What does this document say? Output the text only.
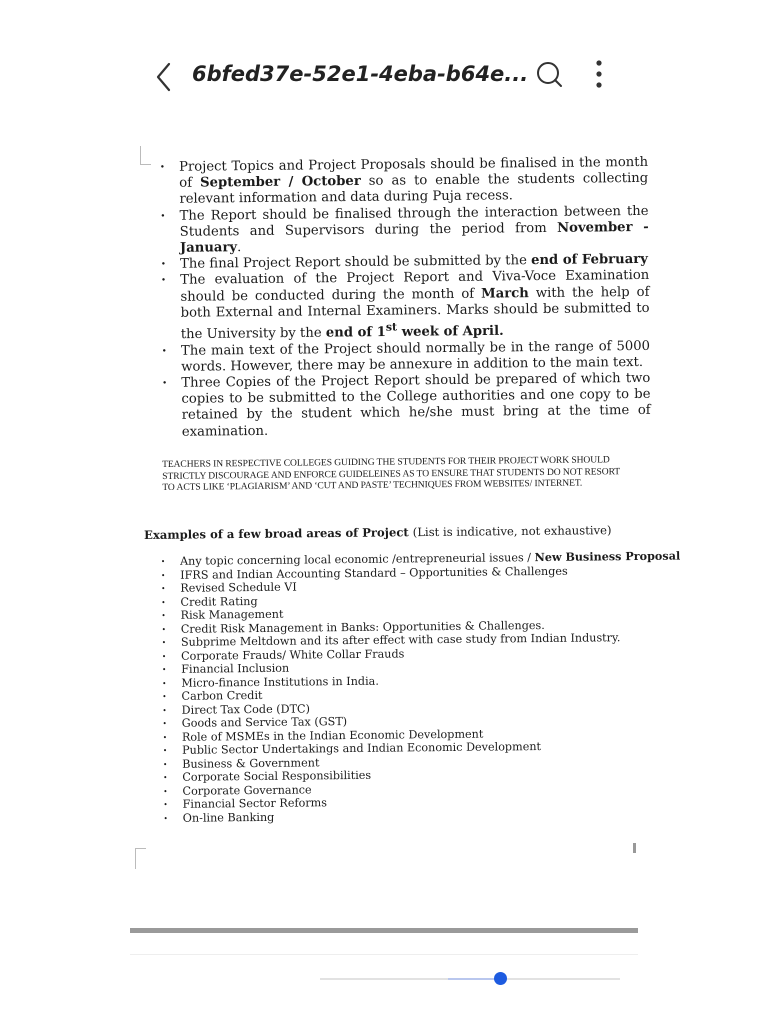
6bfed37e-52e1-4eba-b64e...
· Project Topics and Project Proposals should be finalised in the month of September / October so as to enable the students collecting relevant information and data during Puja recess.
· The Report should be finalised through the interaction between the Students and Supervisors during the period from November - January.
· The final Project Report should be submitted by the end of February
· The evaluation of the Project Report and Viva-Voce Examination should be conducted during the month of March with the help of both External and Internal Examiners. Marks should be submitted to the University by the end of 1st week of April.
· The main text of the Project should normally be in the range of 5000 words. However, there may be annexure in addition to the main text.
· Three Copies of the Project Report should be prepared of which two copies to be submitted to the College authorities and one copy to be retained by the student which he/she must bring at the time of examination.
TEACHERS IN RESPECTIVE COLLEGES GUIDING THE STUDENTS FOR THEIR PROJECT WORK SHOULD STRICTLY DISCOURAGE AND ENFORCE GUIDELEINES AS TO ENSURE THAT STUDENTS DO NOT RESORT TO ACTS LIKE ‘PLAGIARISM’ AND ‘CUT AND PASTE’ TECHNIQUES FROM WEBSITES/ INTERNET.
Examples of a few broad areas of Project (List is indicative, not exhaustive)
· Any topic concerning local economic /entrepreneurial issues / New Business Proposal
· IFRS and Indian Accounting Standard – Opportunities & Challenges
· Revised Schedule VI
· Credit Rating
· Risk Management
· Credit Risk Management in Banks: Opportunities & Challenges.
· Subprime Meltdown and its after effect with case study from Indian Industry.
· Corporate Frauds/ White Collar Frauds
· Financial Inclusion
· Micro-finance Institutions in India.
· Carbon Credit
· Direct Tax Code (DTC)
· Goods and Service Tax (GST)
· Role of MSMEs in the Indian Economic Development
· Public Sector Undertakings and Indian Economic Development
· Business & Government
· Corporate Social Responsibilities
· Corporate Governance
· Financial Sector Reforms
· On-line Banking
